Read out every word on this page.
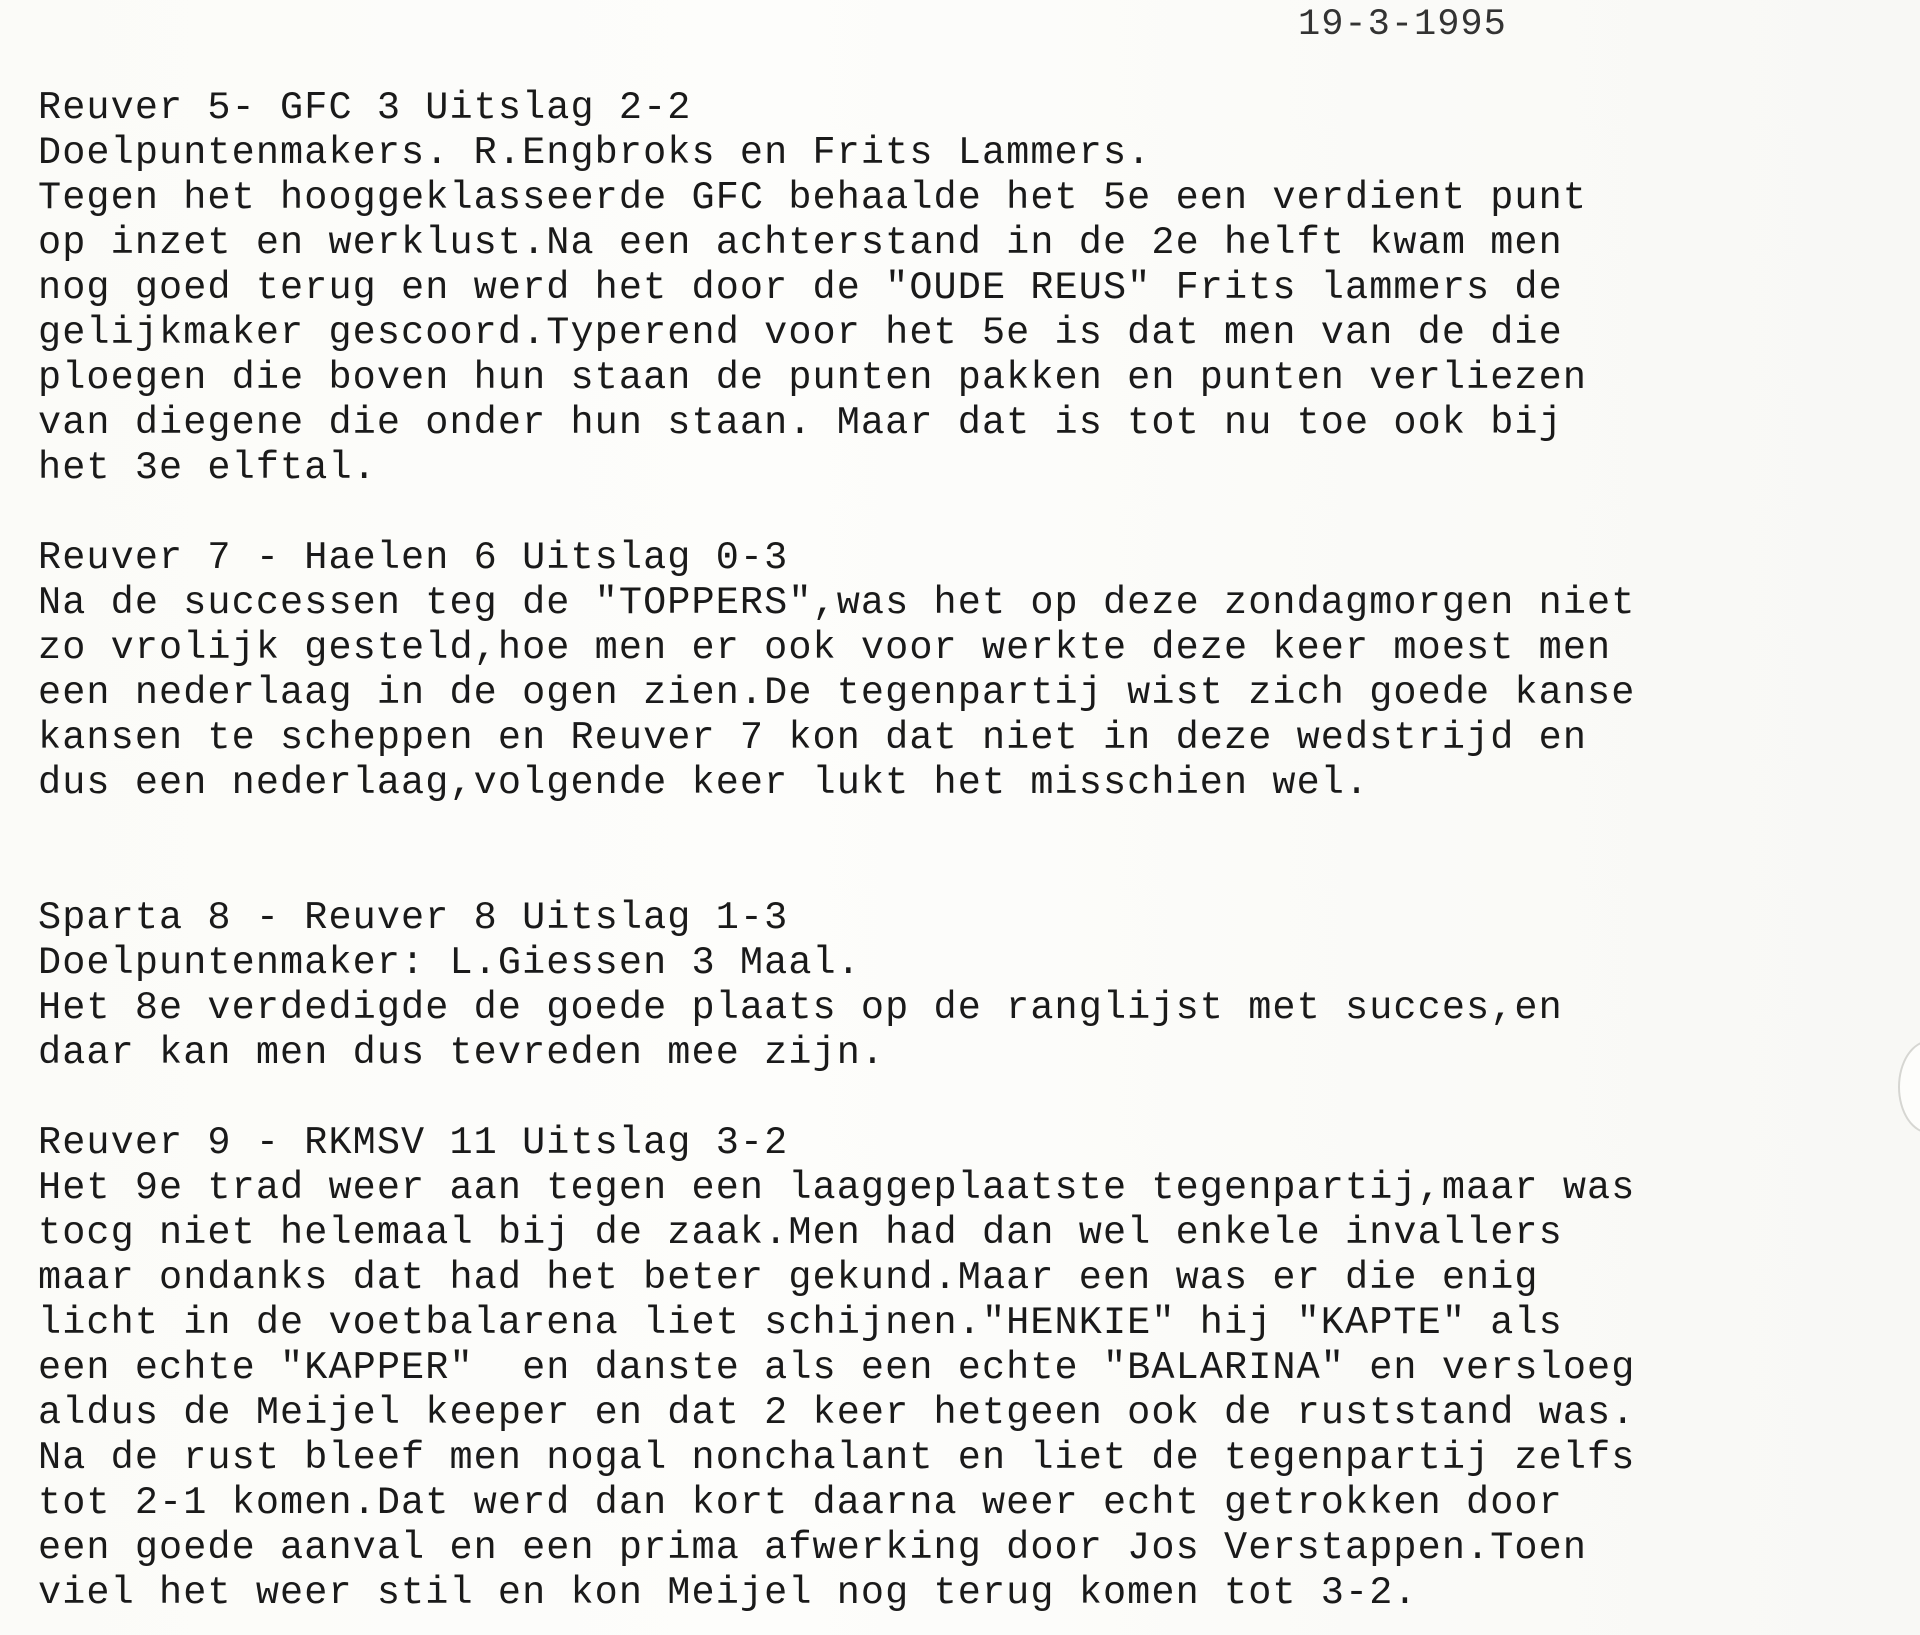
19-3-1995
Reuver 5- GFC 3 Uitslag 2-2
Doelpuntenmakers. R.Engbroks en Frits Lammers.
Tegen het hooggeklasseerde GFC behaalde het 5e een verdient punt
op inzet en werklust.Na een achterstand in de 2e helft kwam men
nog goed terug en werd het door de "OUDE REUS" Frits lammers de
gelijkmaker gescoord.Typerend voor het 5e is dat men van de die
ploegen die boven hun staan de punten pakken en punten verliezen
van diegene die onder hun staan. Maar dat is tot nu toe ook bij
het 3e elftal.
Reuver 7 - Haelen 6 Uitslag 0-3
Na de successen teg de "TOPPERS",was het op deze zondagmorgen niet
zo vrolijk gesteld,hoe men er ook voor werkte deze keer moest men
een nederlaag in de ogen zien.De tegenpartij wist zich goede kanse
kansen te scheppen en Reuver 7 kon dat niet in deze wedstrijd en
dus een nederlaag,volgende keer lukt het misschien wel.
Sparta 8 - Reuver 8 Uitslag 1-3
Doelpuntenmaker: L.Giessen 3 Maal.
Het 8e verdedigde de goede plaats op de ranglijst met succes,en
daar kan men dus tevreden mee zijn.
Reuver 9 - RKMSV 11 Uitslag 3-2
Het 9e trad weer aan tegen een laaggeplaatste tegenpartij,maar was
tocg niet helemaal bij de zaak.Men had dan wel enkele invallers
maar ondanks dat had het beter gekund.Maar een was er die enig
licht in de voetbalarena liet schijnen."HENKIE" hij "KAPTE" als
een echte "KAPPER"  en danste als een echte "BALARINA" en versloeg
aldus de Meijel keeper en dat 2 keer hetgeen ook de ruststand was.
Na de rust bleef men nogal nonchalant en liet de tegenpartij zelfs
tot 2-1 komen.Dat werd dan kort daarna weer echt getrokken door
een goede aanval en een prima afwerking door Jos Verstappen.Toen
viel het weer stil en kon Meijel nog terug komen tot 3-2.
